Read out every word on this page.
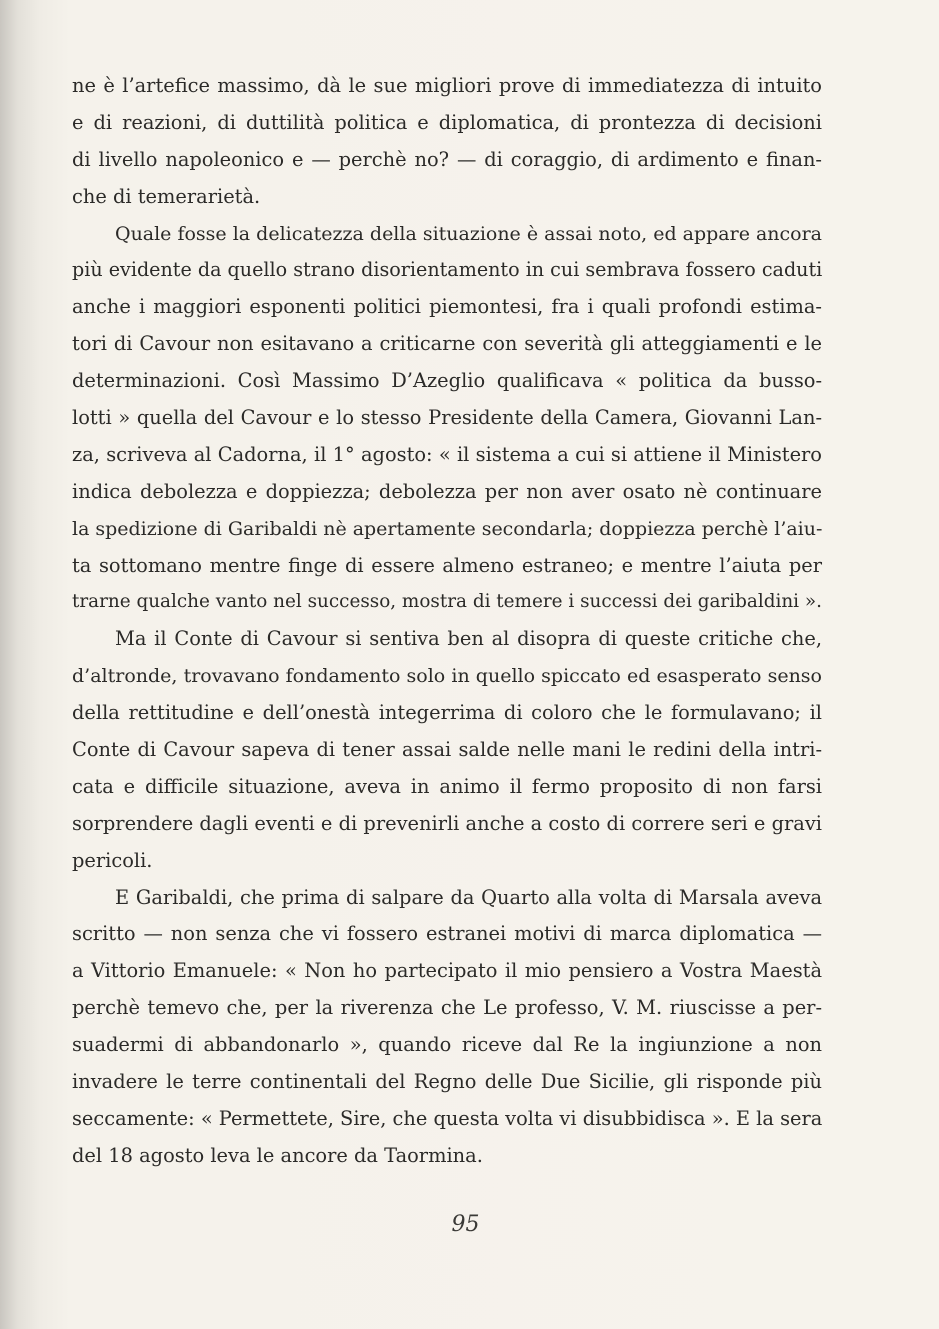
ne è l’artefice massimo, dà le sue migliori prove di immediatezza di intuito
e di reazioni, di duttilità politica e diplomatica, di prontezza di decisioni
di livello napoleonico e — perchè no? — di coraggio, di ardimento e finan-
che di temerarietà.
Quale fosse la delicatezza della situazione è assai noto, ed appare ancora
più evidente da quello strano disorientamento in cui sembrava fossero caduti
anche i maggiori esponenti politici piemontesi, fra i quali profondi estima-
tori di Cavour non esitavano a criticarne con severità gli atteggiamenti e le
determinazioni. Così Massimo D’Azeglio qualificava « politica da busso-
lotti » quella del Cavour e lo stesso Presidente della Camera, Giovanni Lan-
za, scriveva al Cadorna, il 1° agosto: « il sistema a cui si attiene il Ministero
indica debolezza e doppiezza; debolezza per non aver osato nè continuare
la spedizione di Garibaldi nè apertamente secondarla; doppiezza perchè l’aiu-
ta sottomano mentre finge di essere almeno estraneo; e mentre l’aiuta per
trarne qualche vanto nel successo, mostra di temere i successi dei garibaldini ».
Ma il Conte di Cavour si sentiva ben al disopra di queste critiche che,
d’altronde, trovavano fondamento solo in quello spiccato ed esasperato senso
della rettitudine e dell’onestà integerrima di coloro che le formulavano; il
Conte di Cavour sapeva di tener assai salde nelle mani le redini della intri-
cata e difficile situazione, aveva in animo il fermo proposito di non farsi
sorprendere dagli eventi e di prevenirli anche a costo di correre seri e gravi
pericoli.
E Garibaldi, che prima di salpare da Quarto alla volta di Marsala aveva
scritto — non senza che vi fossero estranei motivi di marca diplomatica —
a Vittorio Emanuele: « Non ho partecipato il mio pensiero a Vostra Maestà
perchè temevo che, per la riverenza che Le professo, V. M. riuscisse a per-
suadermi di abbandonarlo », quando riceve dal Re la ingiunzione a non
invadere le terre continentali del Regno delle Due Sicilie, gli risponde più
seccamente: « Permettete, Sire, che questa volta vi disubbidisca ». E la sera
del 18 agosto leva le ancore da Taormina.
95
